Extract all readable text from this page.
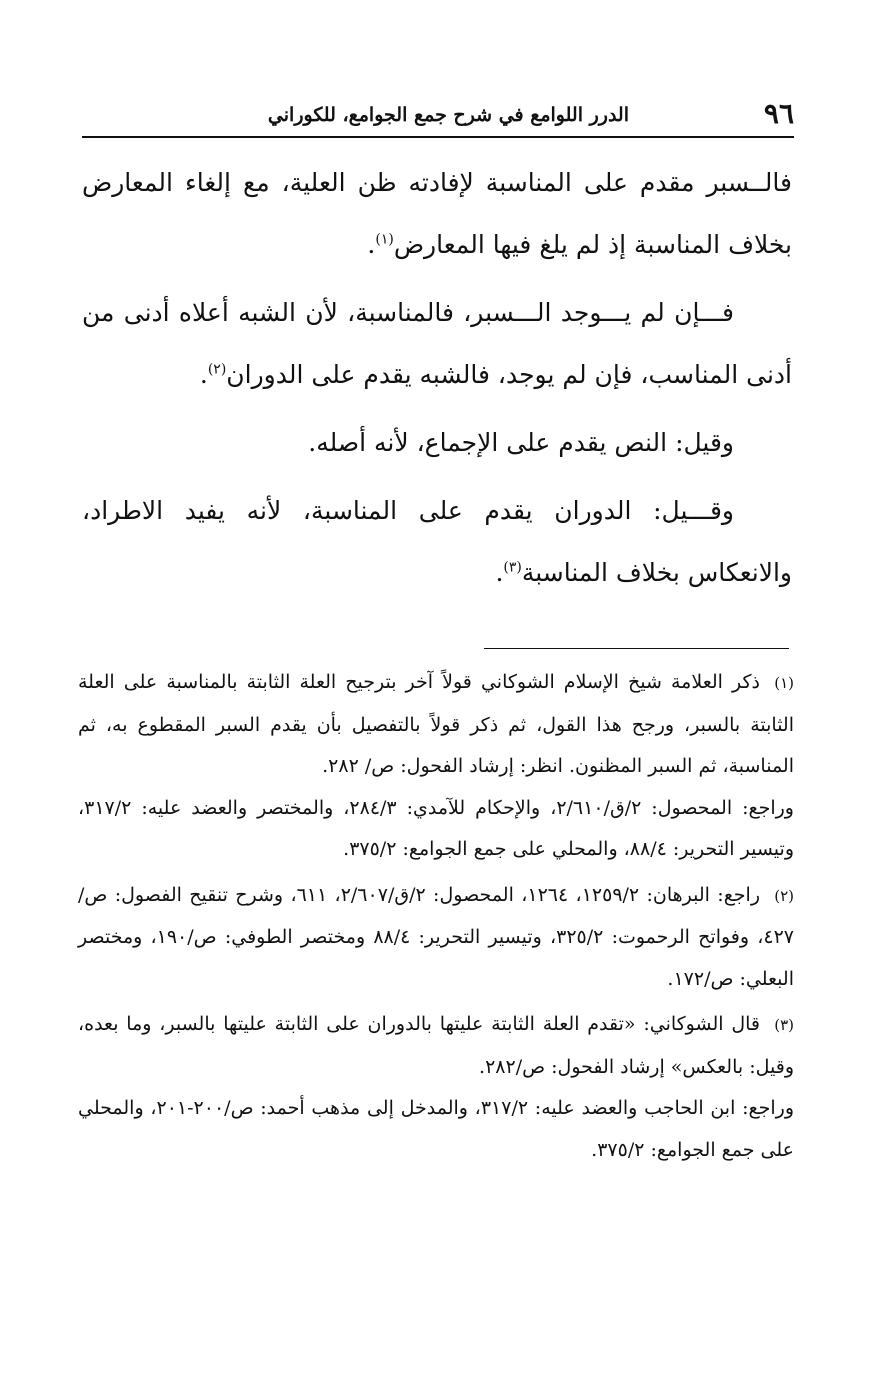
٩٦
الدرر اللوامع في شرح جمع الجوامع، للكوراني

فالــسبر مقدم على المناسبة لإفادته ظن العلية، مع إلغاء المعارض بخلاف المناسبة إذ لم يلغ فيها المعارض$^{(١)}$.

فـــإن لم يـــوجد الـــسبر، فالمناسبة، لأن الشبه أعلاه أدنى من أدنى المناسب، فإن لم يوجد، فالشبه يقدم على الدوران$^{(٢)}$.

وقيل: النص يقدم على الإجماع، لأنه أصله.

وقـــيل: الدوران يقدم على المناسبة، لأنه يفيد الاطراد، والانعكاس بخلاف المناسبة$^{(٣)}$.

(١)ذكر العلامة شيخ الإسلام الشوكاني قولاً آخر بترجيح العلة الثابتة بالمناسبة على العلة الثابتة بالسبر، ورجح هذا القول، ثم ذكر قولاً بالتفصيل بأن يقدم السبر المقطوع به، ثم المناسبة، ثم السبر المظنون. انظر: إرشاد الفحول: ص/ ٢٨٢.

وراجع: المحصول: ٢/ق/٢/٦١٠، والإحكام للآمدي: ٢٨٤/٣، والمختصر والعضد عليه: ٣١٧/٢، وتيسير التحرير: ٨٨/٤، والمحلي على جمع الجوامع: ٣٧٥/٢.

(٢)راجع: البرهان: ١٢٥٩/٢، ١٢٦٤، المحصول: ٢/ق/٢/٦٠٧، ٦١١، وشرح تنقيح الفصول: ص/٤٢٧، وفواتح الرحموت: ٣٢٥/٢، وتيسير التحرير: ٨٨/٤ ومختصر الطوفي: ص/١٩٠، ومختصر البعلي: ص/١٧٢.

(٣)قال الشوكاني: «تقدم العلة الثابتة عليتها بالدوران على الثابتة عليتها بالسبر، وما بعده، وقيل: بالعكس» إرشاد الفحول: ص/٢٨٢.

وراجع: ابن الحاجب والعضد عليه: ٣١٧/٢، والمدخل إلى مذهب أحمد: ص/٢٠٠-٢٠١، والمحلي على جمع الجوامع: ٣٧٥/٢.
